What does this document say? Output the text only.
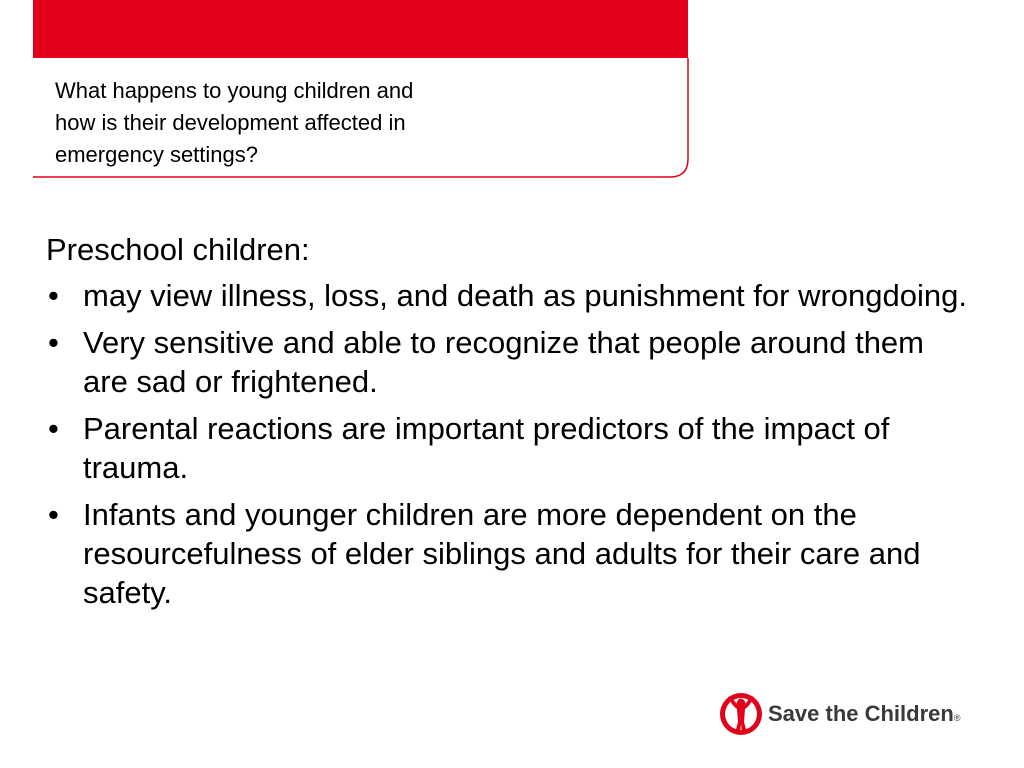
What happens to young children and
how is their development affected in
emergency settings?
Preschool children:
• may view illness, loss, and death as punishment for wrongdoing.
• Very sensitive and able to recognize that people around them are sad or frightened.
• Parental reactions are important predictors of the impact of trauma.
• Infants and younger children are more dependent on the resourcefulness of elder siblings and adults for their care and safety.
Save the Children®
